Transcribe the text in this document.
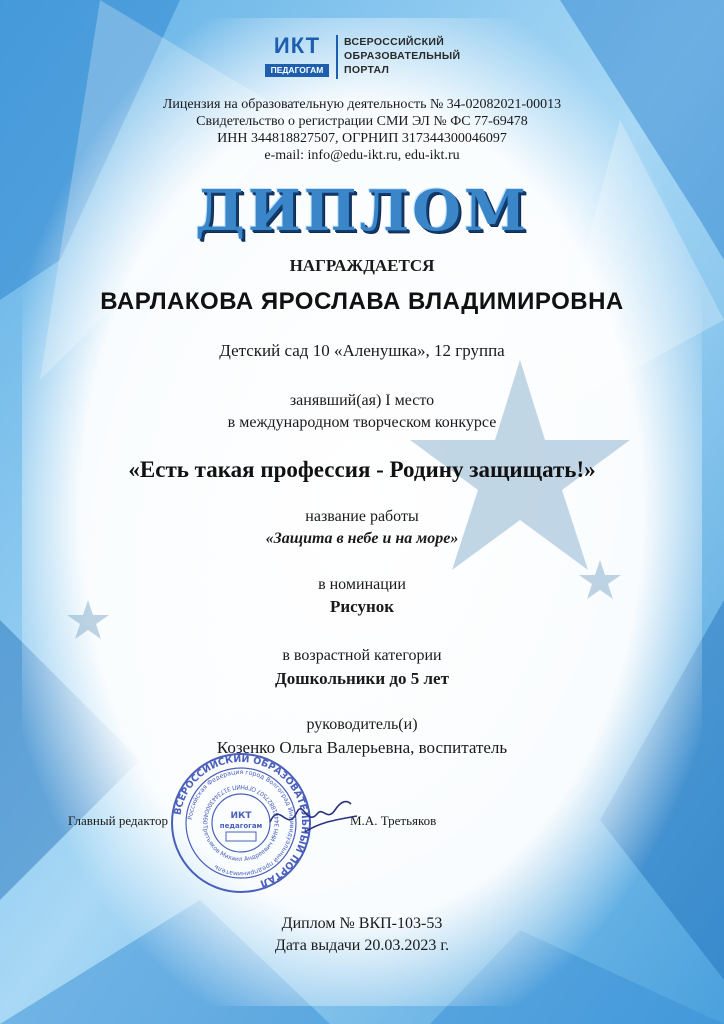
ИКТ
ПЕДАГОГАМ
ВСЕРОССИЙСКИЙ
ОБРАЗОВАТЕЛЬНЫЙ
ПОРТАЛ
Лицензия на образовательную деятельность № 34-02082021-00013
Свидетельство о регистрации СМИ ЭЛ № ФС 77-69478
ИНН 344818827507, ОГРНИП 317344300046097
e-mail: info@edu-ikt.ru, edu-ikt.ru
ДИПЛОМ
НАГРАЖДАЕТСЯ
ВАРЛАКОВА ЯРОСЛАВА ВЛАДИМИРОВНА
Детский сад 10 «Аленушка», 12 группа
занявший(ая) I место
в международном творческом конкурсе
«Есть такая профессия - Родину защищать!»
название работы
«Защита в небе и на море»
в номинации
Рисунок
в возрастной категории
Дошкольники до 5 лет
руководитель(и)
Козенко Ольга Валерьевна, воспитатель
Главный редактор	М.А. Третьяков
ВСЕРОССИЙСКИЙ ОБРАЗОВАТЕЛЬНЫЙ ПОРТАЛ
Российская Федерация город Волгоград Индивидуальный предприниматель
Третьяков Михаил Андреевич ИНН 344818827507 ОГРНИП 3173443000460
ИКТ
педагогам
Диплом № ВКП-103-53
Дата выдачи 20.03.2023 г.
